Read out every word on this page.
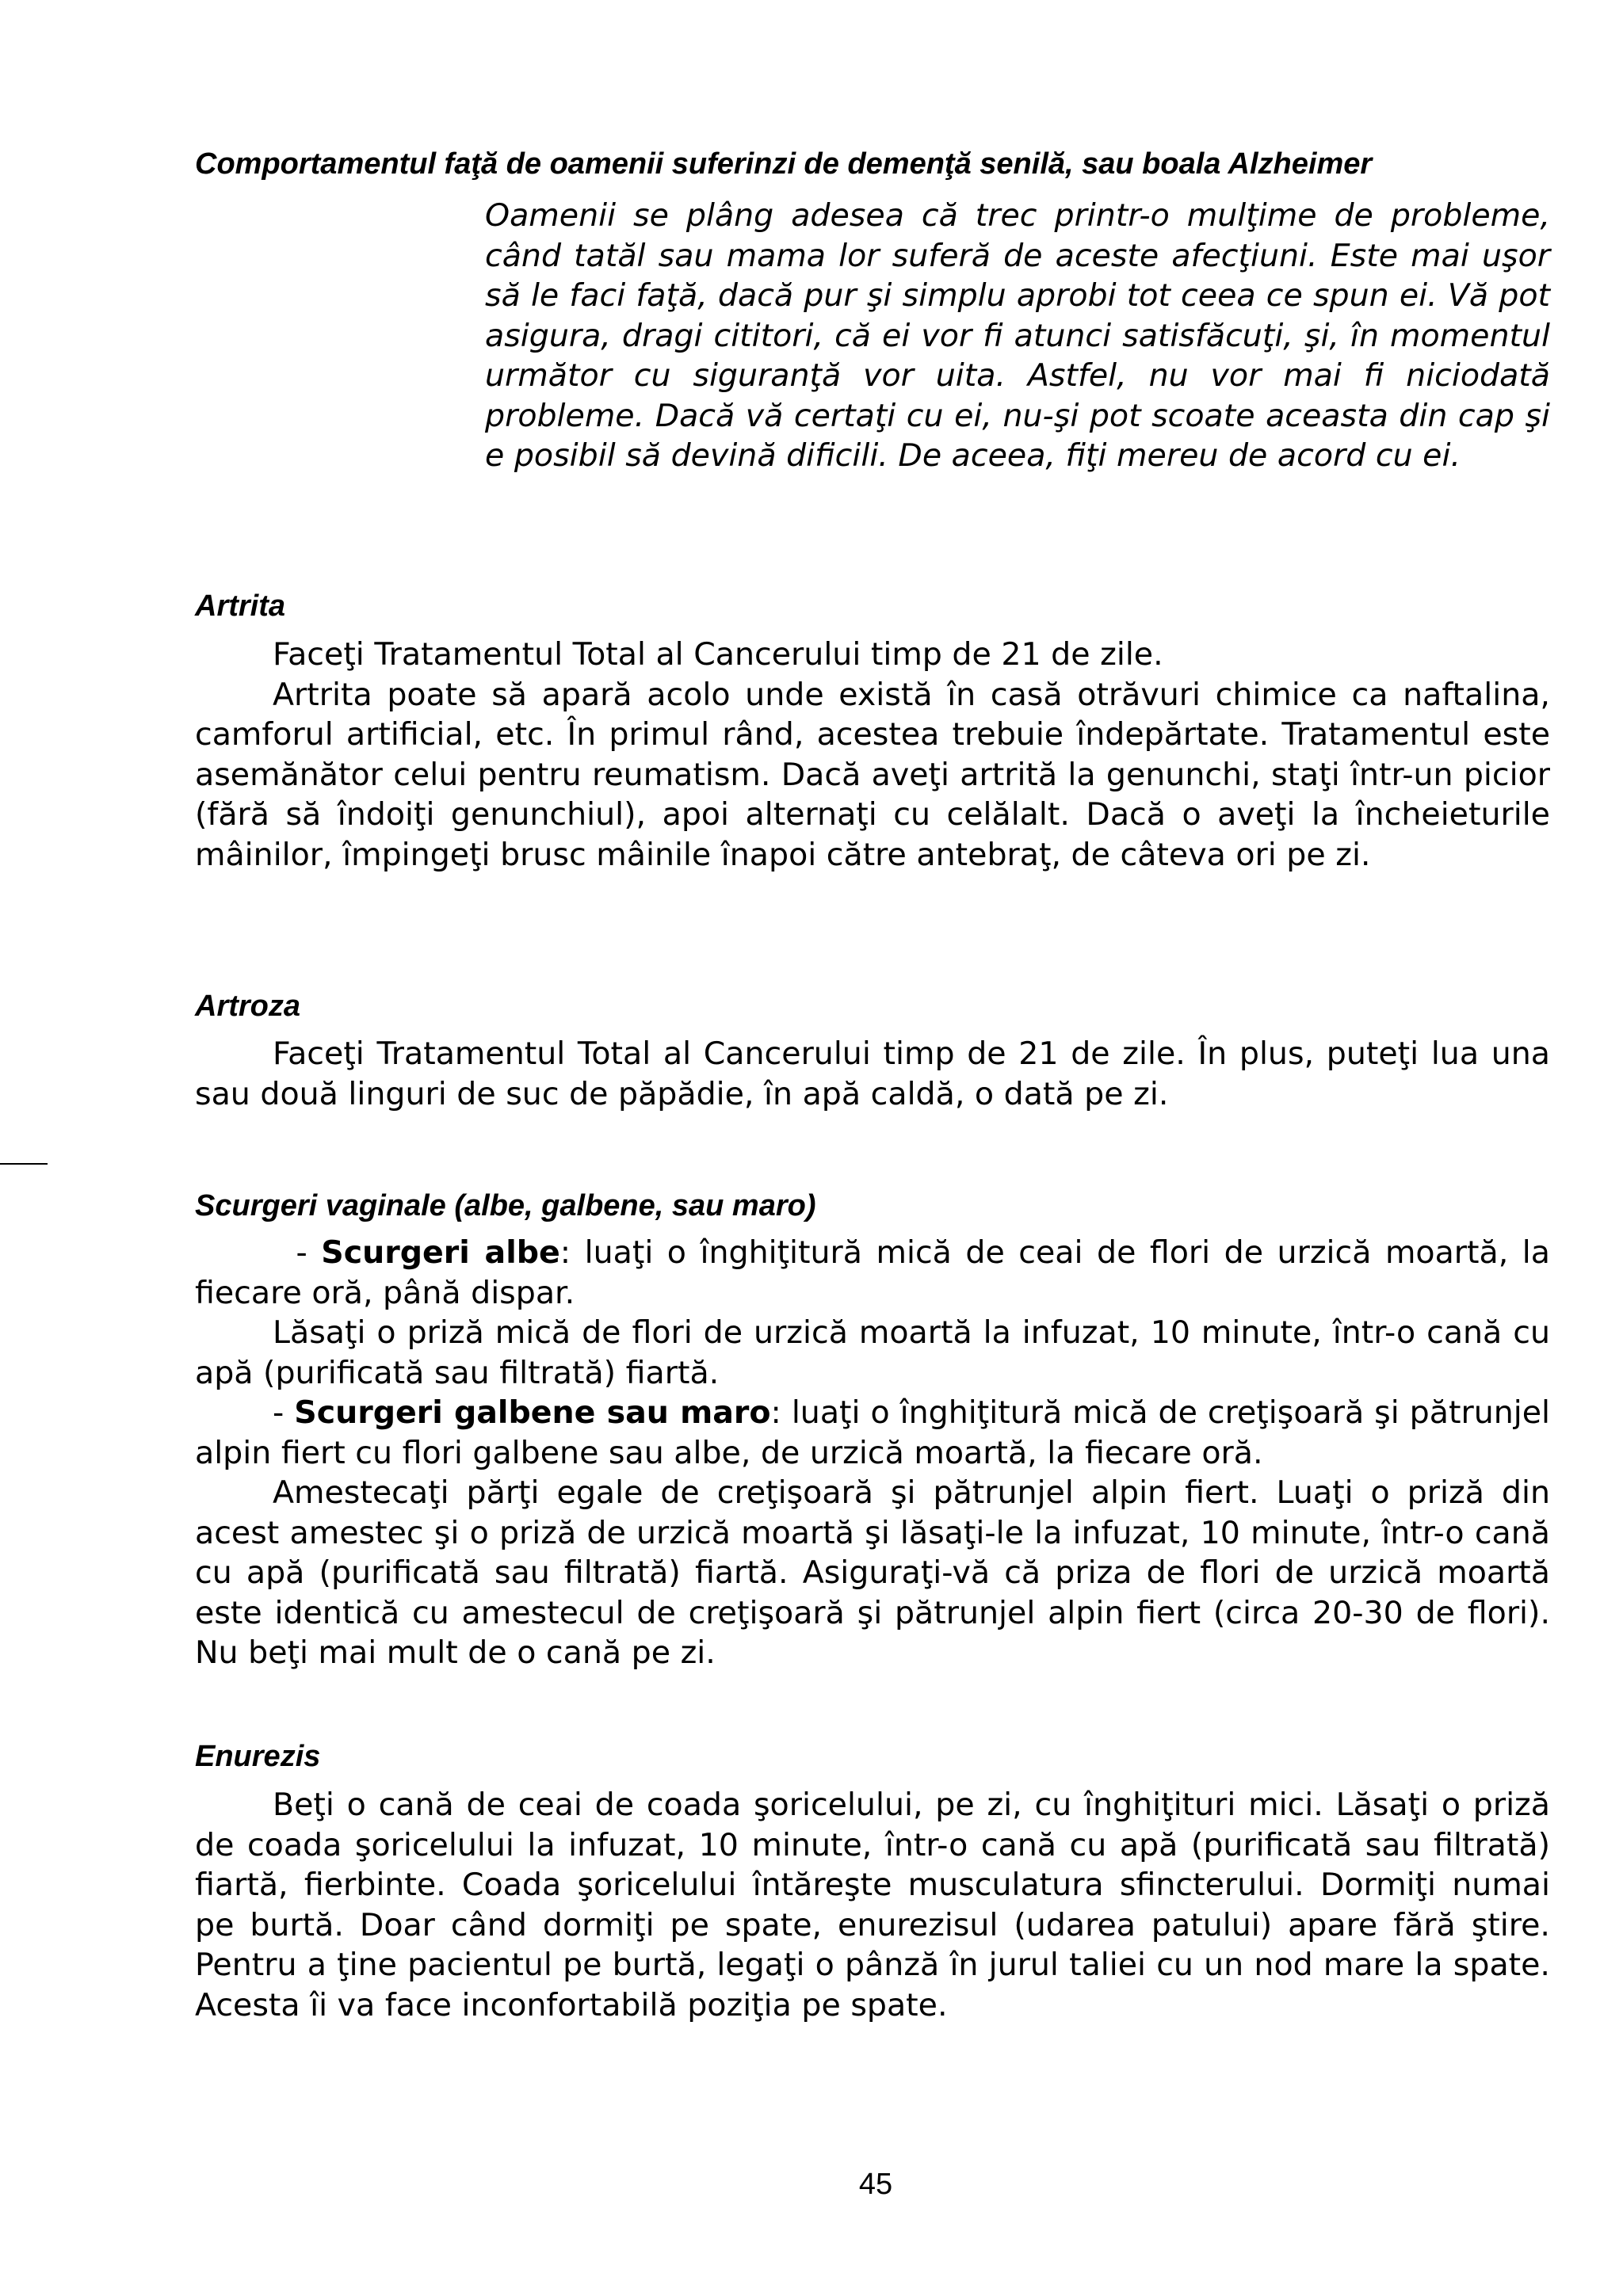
Comportamentul faţă de oamenii suferinzi de demenţă senilă, sau boala Alzheimer

Oamenii se plâng adesea că trec printr-o mulţime de probleme, când tatăl sau mama lor suferă de aceste afecţiuni. Este mai uşor să le faci faţă, dacă pur şi simplu aprobi tot ceea ce spun ei. Vă pot asigura, dragi cititori, că ei vor fi atunci satisfăcuţi, şi, în momentul următor cu siguranţă vor uita. Astfel, nu vor mai fi niciodată probleme. Dacă vă certaţi cu ei, nu-şi pot scoate aceasta din cap şi e posibil să devină dificili. De aceea, fiţi mereu de acord cu ei.

Artrita

Faceţi Tratamentul Total al Cancerului timp de 21 de zile.

Artrita poate să apară acolo unde există în casă otrăvuri chimice ca naftalina, camforul artificial, etc. În primul rând, acestea trebuie îndepărtate. Tratamentul este asemănător celui pentru reumatism. Dacă aveţi artrită la genunchi, staţi într-un picior (fără să îndoiţi genunchiul), apoi alternaţi cu celălalt. Dacă o aveţi la încheieturile mâinilor, împingeţi brusc mâinile înapoi către antebraţ, de câteva ori pe zi.

Artroza

Faceţi Tratamentul Total al Cancerului timp de 21 de zile. În plus, puteţi lua una sau două linguri de suc de păpădie, în apă caldă, o dată pe zi.

Scurgeri vaginale (albe, galbene, sau maro)

- Scurgeri albe: luaţi o înghiţitură mică de ceai de flori de urzică moartă, la fiecare oră, până dispar.

Lăsaţi o priză mică de flori de urzică moartă la infuzat, 10 minute, într-o cană cu apă (purificată sau filtrată) fiartă.

- Scurgeri galbene sau maro: luaţi o înghiţitură mică de creţişoară şi pătrunjel alpin fiert cu flori galbene sau albe, de urzică moartă, la fiecare oră.

Amestecaţi părţi egale de creţişoară şi pătrunjel alpin fiert. Luaţi o priză din acest amestec şi o priză de urzică moartă şi lăsaţi-le la infuzat, 10 minute, într-o cană cu apă (purificată sau filtrată) fiartă. Asiguraţi-vă că priza de flori de urzică moartă este identică cu amestecul de creţişoară şi pătrunjel alpin fiert (circa 20-30 de flori). Nu beţi mai mult de o cană pe zi.

Enurezis

Beţi o cană de ceai de coada şoricelului, pe zi, cu înghiţituri mici. Lăsaţi o priză de coada şoricelului la infuzat, 10 minute, într-o cană cu apă (purificată sau filtrată) fiartă, fierbinte. Coada şoricelului întăreşte musculatura sfincterului. Dormiţi numai pe burtă. Doar când dormiţi pe spate, enurezisul (udarea patului) apare fără ştire. Pentru a ţine pacientul pe burtă, legaţi o pânză în jurul taliei cu un nod mare la spate. Acesta îi va face inconfortabilă poziţia pe spate.

45
